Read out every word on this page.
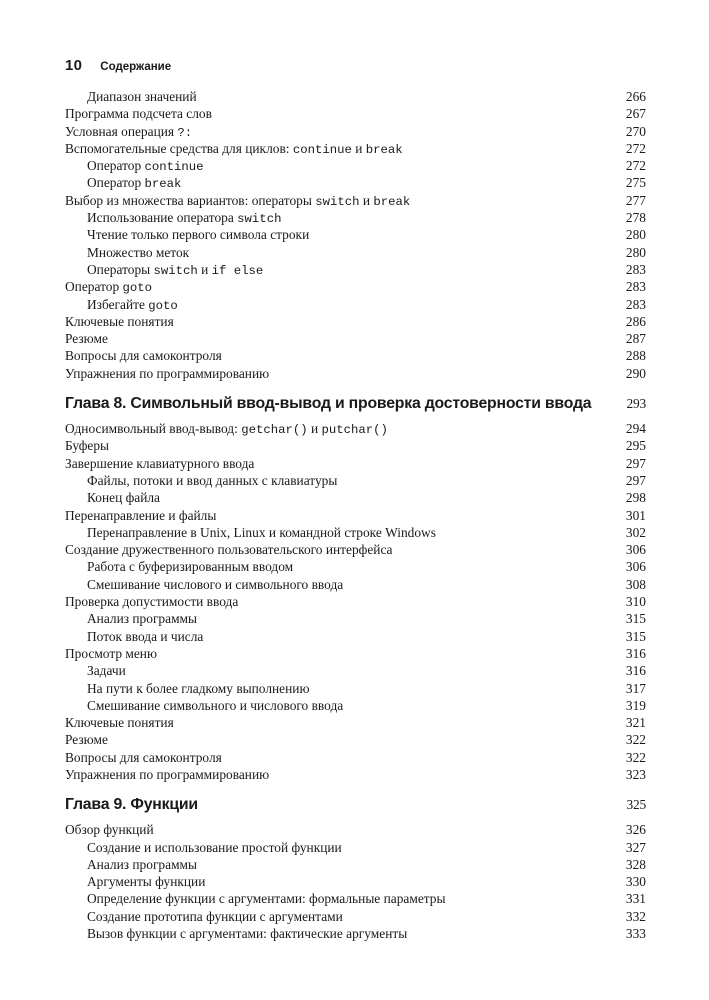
10 Содержание
Диапазон значений	266
Программа подсчета слов	267
Условная операция ?:	270
Вспомогательные средства для циклов: continue и break	272
Оператор continue	272
Оператор break	275
Выбор из множества вариантов: операторы switch и break	277
Использование оператора switch	278
Чтение только первого символа строки	280
Множество меток	280
Операторы switch и if else	283
Оператор goto	283
Избегайте goto	283
Ключевые понятия	286
Резюме	287
Вопросы для самоконтроля	288
Упражнения по программированию	290
Глава 8. Символьный ввод-вывод и проверка достоверности ввода	293
Односимвольный ввод-вывод: getchar() и putchar()	294
Буферы	295
Завершение клавиатурного ввода	297
Файлы, потоки и ввод данных с клавиатуры	297
Конец файла	298
Перенаправление и файлы	301
Перенаправление в Unix, Linux и командной строке Windows	302
Создание дружественного пользовательского интерфейса	306
Работа с буферизированным вводом	306
Смешивание числового и символьного ввода	308
Проверка допустимости ввода	310
Анализ программы	315
Поток ввода и числа	315
Просмотр меню	316
Задачи	316
На пути к более гладкому выполнению	317
Смешивание символьного и числового ввода	319
Ключевые понятия	321
Резюме	322
Вопросы для самоконтроля	322
Упражнения по программированию	323
Глава 9. Функции	325
Обзор функций	326
Создание и использование простой функции	327
Анализ программы	328
Аргументы функции	330
Определение функции с аргументами: формальные параметры	331
Создание прототипа функции с аргументами	332
Вызов функции с аргументами: фактические аргументы	333
